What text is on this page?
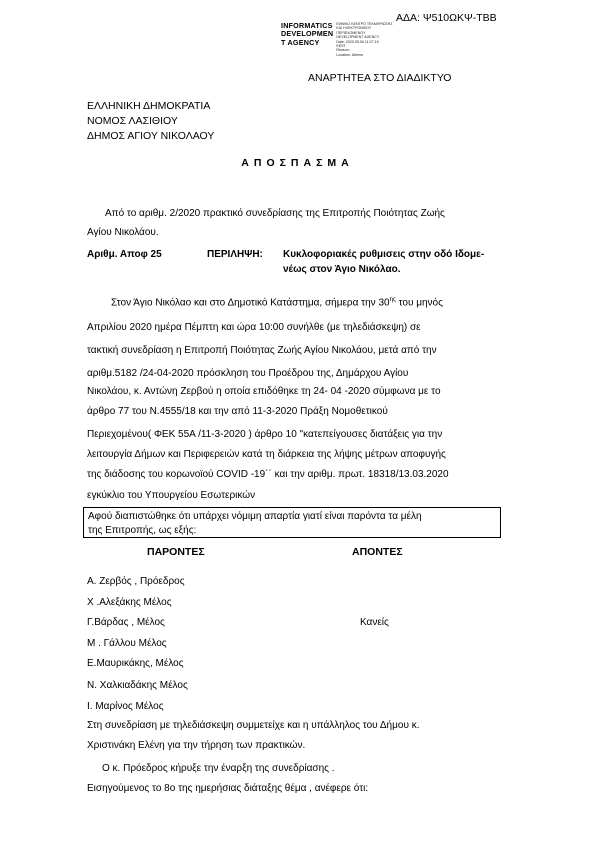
ΑΔΑ: Ψ510ΩΚΨ-ΤΒΒ
INFORMATICS
DEVELOPMEN
T AGENCY
ΕΘΝΙΚΟ ΚΕΝΤΡΟ ΤΕΚΜΗΡΙΩΣΗΣ
ΚΑΙ ΗΛΕΚΤΡΟΝΙΚΟΥ
ΠΕΡΙΕΧΟΜΕΝΟΥ
DEVELOPMENT AGENCY
Date: 2020.05.06 11:27:19
EEST
Reason:
Location: Athens
ΑΝΑΡΤΗΤΕΑ ΣΤΟ ΔΙΑΔΙΚΤΥΟ
ΕΛΛΗΝΙΚΗ ΔΗΜΟΚΡΑΤΙΑ
ΝΟΜΟΣ ΛΑΣΙΘΙΟΥ
ΔΗΜΟΣ ΑΓΙΟΥ ΝΙΚΟΛΑΟΥ
ΑΠΟΣΠΑΣΜΑ
Από το αριθμ. 2/2020 πρακτικό συνεδρίασης της Επιτροπής Ποιότητας Ζωής
Αγίου Νικολάου.
Αριθμ. Αποφ 25	ΠΕΡΙΛΗΨΗ: Κυκλοφοριακές ρυθμισεις στην οδό Ιδομε-
νέως στον Άγιο Νικόλαο.
Στον Άγιο Νικόλαο και στο Δημοτικό Κατάστημα, σήμερα την $30^{\eta\varsigma}$ του μηνός
Απριλίου 2020 ημέρα Πέμπτη και ώρα 10:00 συνήλθε (με τηλεδιάσκεψη) σε
τακτική συνεδρίαση η Επιτροπή Ποιότητας Ζωής Αγίου Νικολάου, μετά από την
αριθμ.5182 /24-04-2020 πρόσκληση του Προέδρου της, Δημάρχου Αγίου
Νικολάου, κ. Αντώνη Ζερβού η οποία επιδόθηκε τη 24- 04 -2020 σύμφωνα με το
άρθρο 77 του Ν.4555/18 και την από 11-3-2020 Πράξη Νομοθετικού
Περιεχομένου( ΦΕΚ 55Α /11-3-2020 ) άρθρο 10 "κατεπείγουσες διατάξεις για την
λειτουργία Δήμων και Περιφερειών κατά τη διάρκεια της λήψης μέτρων αποφυγής
της διάδοσης του κορωνοϊού COVID -19΄΄ και την αριθμ. πρωτ. 18318/13.03.2020
εγκύκλιο του Υπουργείου Εσωτερικών
Αφού διαπιστώθηκε ότι υπάρχει νόμιμη απαρτία γιατί είναι παρόντα τα μέλη
της Επιτροπής, ως εξής:
ΠΑΡΟΝΤΕΣ	ΑΠΟΝΤΕΣ
Α. Ζερβός , Πρόεδρος
Χ .Αλεξάκης Μέλος
Γ.Βάρδας , Μέλος
Μ . Γάλλου Μέλος
Ε.Μαυρικάκης, Μέλος
Ν. Χαλκιαδάκης Μέλος
Ι. Μαρίνος Μέλος
Κανείς
Στη συνεδρίαση με τηλεδιάσκεψη συμμετείχε και η υπάλληλος του Δήμου κ.
Χριστινάκη Ελένη για την τήρηση των πρακτικών.
Ο κ. Πρόεδρος κήρυξε την έναρξη της συνεδρίασης .
Εισηγούμενος το 8ο της ημερήσιας διάταξης θέμα , ανέφερε ότι:
